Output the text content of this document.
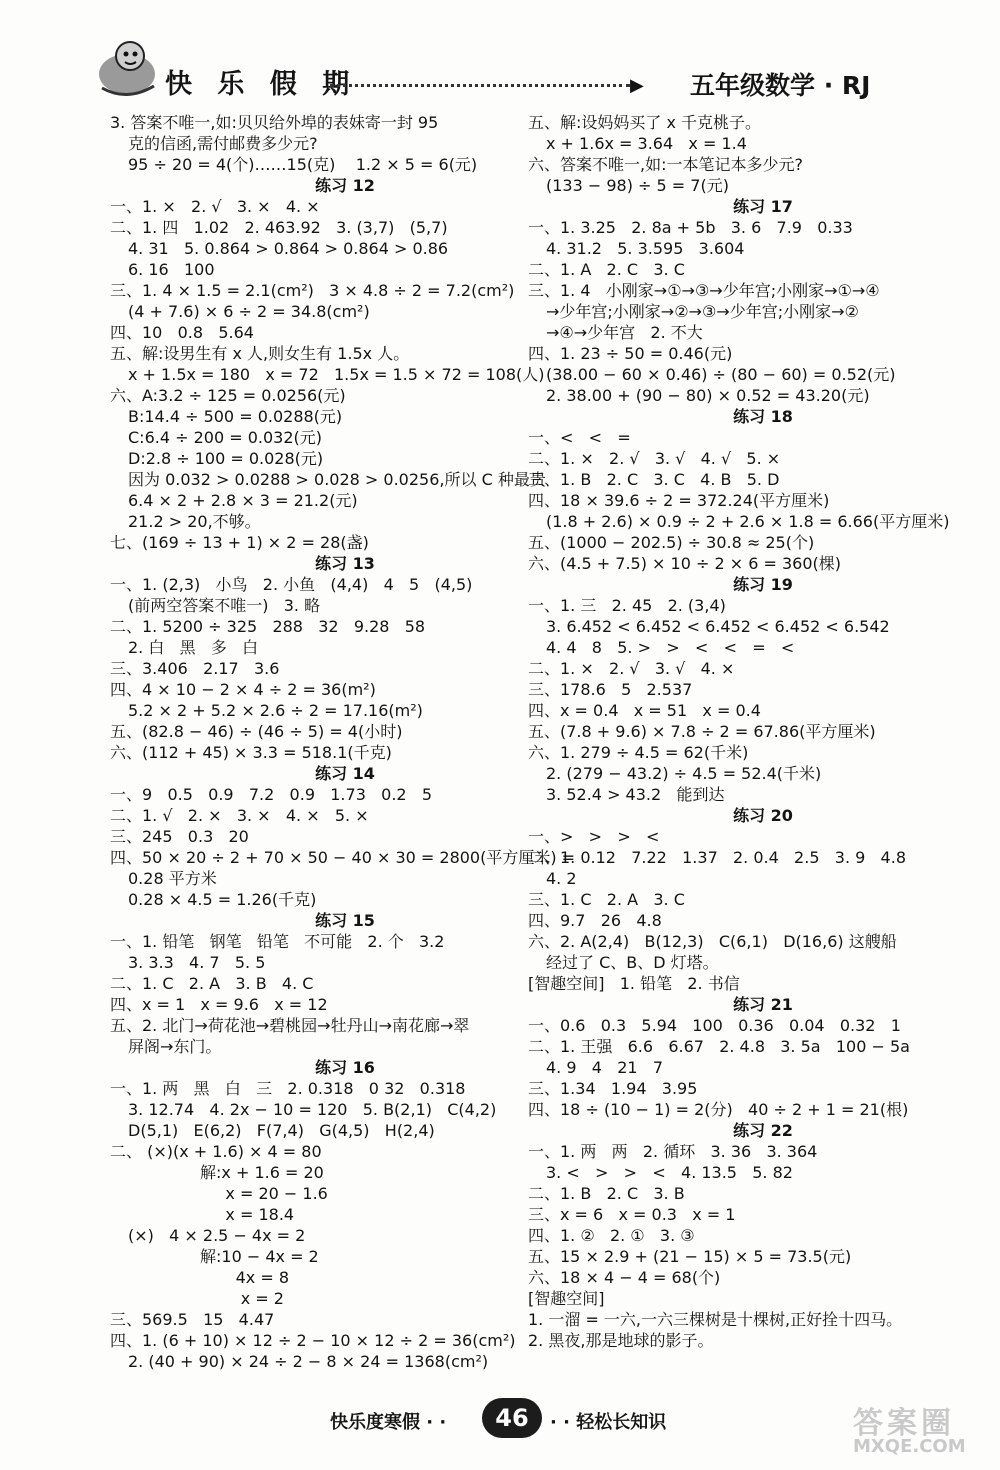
快 乐 假 期	▶ 五年级数学 · RJ
3. 答案不唯一,如:贝贝给外埠的表妹寄一封 95
克的信函,需付邮费多少元?
95 ÷ 20 = 4(个)……15(克)    1.2 × 5 = 6(元)
练习 12
一、1. ×   2. √   3. ×   4. ×
二、1. 四   1.02   2. 463.92   3. (3,7)   (5,7)
4. 31   5. 0.864 > 0.864 > 0.864 > 0.86
6. 16   100
三、1. 4 × 1.5 = 2.1(cm²)   3 × 4.8 ÷ 2 = 7.2(cm²)
(4 + 7.6) × 6 ÷ 2 = 34.8(cm²)
四、10   0.8   5.64
五、解:设男生有 x 人,则女生有 1.5x 人。
x + 1.5x = 180   x = 72   1.5x = 1.5 × 72 = 108(人)
六、A:3.2 ÷ 125 = 0.0256(元)
B:14.4 ÷ 500 = 0.0288(元)
C:6.4 ÷ 200 = 0.032(元)
D:2.8 ÷ 100 = 0.028(元)
因为 0.032 > 0.0288 > 0.028 > 0.0256,所以 C 种最贵
6.4 × 2 + 2.8 × 3 = 21.2(元)
21.2 > 20,不够。
七、(169 ÷ 13 + 1) × 2 = 28(盏)
练习 13
一、1. (2,3)   小鸟   2. 小鱼   (4,4)   4   5   (4,5)
(前两空答案不唯一)   3. 略
二、1. 5200 ÷ 325   288   32   9.28   58
2. 白   黑   多   白
三、3.406   2.17   3.6
四、4 × 10 − 2 × 4 ÷ 2 = 36(m²)
5.2 × 2 + 5.2 × 2.6 ÷ 2 = 17.16(m²)
五、(82.8 − 46) ÷ (46 ÷ 5) = 4(小时)
六、(112 + 45) × 3.3 = 518.1(千克)
练习 14
一、9   0.5   0.9   7.2   0.9   1.73   0.2   5
二、1. √   2. ×   3. ×   4. ×   5. ×
三、245   0.3   20
四、50 × 20 ÷ 2 + 70 × 50 − 40 × 30 = 2800(平方厘米) =
0.28 平方米
0.28 × 4.5 = 1.26(千克)
练习 15
一、1. 铅笔   钢笔   铅笔   不可能   2. 个   3.2
3. 3.3   4. 7   5. 5
二、1. C   2. A   3. B   4. C
四、x = 1   x = 9.6   x = 12
五、2. 北门→荷花池→碧桃园→牡丹山→南花廊→翠
屏阁→东门。
练习 16
一、1. 两   黑   白   三   2. 0.318   0 32   0.318
3. 12.74   4. 2x − 10 = 120   5. B(2,1)   C(4,2)
D(5,1)   E(6,2)   F(7,4)   G(4,5)   H(2,4)
二、 (×)(x + 1.6) × 4 = 80
解:x + 1.6 = 20
x = 20 − 1.6
x = 18.4
(×)   4 × 2.5 − 4x = 2
解:10 − 4x = 2
4x = 8
x = 2
三、569.5   15   4.47
四、1. (6 + 10) × 12 ÷ 2 − 10 × 12 ÷ 2 = 36(cm²)
2. (40 + 90) × 24 ÷ 2 − 8 × 24 = 1368(cm²)
五、解:设妈妈买了 x 千克桃子。
x + 1.6x = 3.64   x = 1.4
六、答案不唯一,如:一本笔记本多少元?
(133 − 98) ÷ 5 = 7(元)
练习 17
一、1. 3.25   2. 8a + 5b   3. 6   7.9   0.33
4. 31.2   5. 3.595   3.604
二、1. A   2. C   3. C
三、1. 4   小刚家→①→③→少年宫;小刚家→①→④
→少年宫;小刚家→②→③→少年宫;小刚家→②
→④→少年宫   2. 不大
四、1. 23 ÷ 50 = 0.46(元)
(38.00 − 60 × 0.46) ÷ (80 − 60) = 0.52(元)
2. 38.00 + (90 − 80) × 0.52 = 43.20(元)
练习 18
一、<   <   =
二、1. ×   2. √   3. √   4. √   5. ×
三、1. B   2. C   3. C   4. B   5. D
四、18 × 39.6 ÷ 2 = 372.24(平方厘米)
(1.8 + 2.6) × 0.9 ÷ 2 + 2.6 × 1.8 = 6.66(平方厘米)
五、(1000 − 202.5) ÷ 30.8 ≈ 25(个)
六、(4.5 + 7.5) × 10 ÷ 2 × 6 = 360(棵)
练习 19
一、1. 三   2. 45   2. (3,4)
3. 6.452 < 6.452 < 6.452 < 6.452 < 6.542
4. 4   8   5. >   >   <   <   =   <
二、1. ×   2. √   3. √   4. ×
三、178.6   5   2.537
四、x = 0.4   x = 51   x = 0.4
五、(7.8 + 9.6) × 7.8 ÷ 2 = 67.86(平方厘米)
六、1. 279 ÷ 4.5 = 62(千米)
2. (279 − 43.2) ÷ 4.5 = 52.4(千米)
3. 52.4 > 43.2   能到达
练习 20
一、>   >   >   <
二、1. 0.12   7.22   1.37   2. 0.4   2.5   3. 9   4.8
4. 2
三、1. C   2. A   3. C
四、9.7   26   4.8
六、2. A(2,4)   B(12,3)   C(6,1)   D(16,6) 这艘船
经过了 C、B、D 灯塔。
[智趣空间]   1. 铅笔   2. 书信
练习 21
一、0.6   0.3   5.94   100   0.36   0.04   0.32   1
二、1. 王强   6.6   6.67   2. 4.8   3. 5a   100 − 5a
4. 9   4   21   7
三、1.34   1.94   3.95
四、18 ÷ (10 − 1) = 2(分)   40 ÷ 2 + 1 = 21(根)
练习 22
一、1. 两   两   2. 循环   3. 36   3. 364
3. <   >   >   <   4. 13.5   5. 82
二、1. B   2. C   3. B
三、x = 6   x = 0.3   x = 1
四、1. ②   2. ①   3. ③
五、15 × 2.9 + (21 − 15) × 5 = 73.5(元)
六、18 × 4 − 4 = 68(个)
[智趣空间]
1. 一溜 = 一六,一六三棵树是十棵树,正好拴十四马。
2. 黑夜,那是地球的影子。
快乐度寒假 · ·	46	· · 轻松长知识	答案圈
MXQE.COM
